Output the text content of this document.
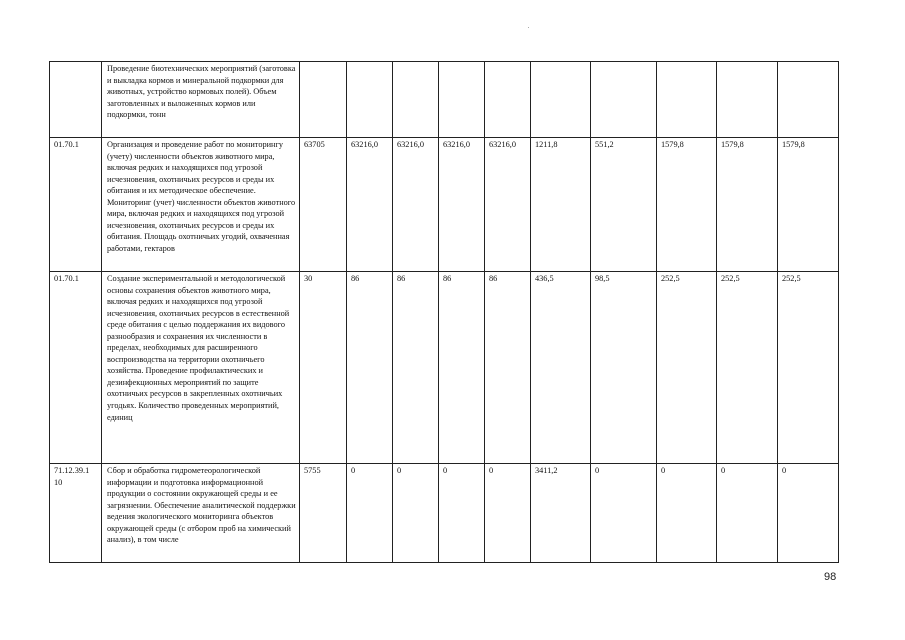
	Проведение биотехнических мероприятий (заготовка и выкладка кормов и минеральной подкормки для животных, устройство кормовых полей). Объем заготовленных и выложенных кормов или подкормки, тонн										
01.70.1	Организация и проведение работ по мониторингу (учету) численности объектов животного мира, включая редких и находящихся под угрозой исчезновения, охотничьих ресурсов и среды их обитания и их методическое обеспечение. Мониторинг (учет) численности объектов животного мира, включая редких и находящихся под угрозой исчезновения, охотничьих ресурсов и среды их обитания. Площадь охотничьих угодий, охваченная работами, гектаров	63705	63216,0	63216,0	63216,0	63216,0	1211,8	551,2	1579,8	1579,8	1579,8
01.70.1	Создание экспериментальной и методологической основы сохранения объектов животного мира, включая редких и находящихся под угрозой исчезновения, охотничьих ресурсов в естественной среде обитания с целью поддержания их видового разнообразия и сохранения их численности в пределах, необходимых для расширенного воспроизводства на территории охотничьего хозяйства. Проведение профилактических и дезинфекционных мероприятий по защите охотничьих ресурсов в закрепленных охотничьих угодьях. Количество проведенных мероприятий, единиц	30	86	86	86	86	436,5	98,5	252,5	252,5	252,5
71.12.39.1 10	Сбор и обработка гидрометеорологической информации и подготовка информационной продукции о состоянии окружающей среды и ее загрязнении. Обеспечение аналитической поддержки ведения экологического мониторинга объектов окружающей среды (с отбором проб на химический анализ), в том числе	5755	0	0	0	0	3411,2	0	0	0	0
98
